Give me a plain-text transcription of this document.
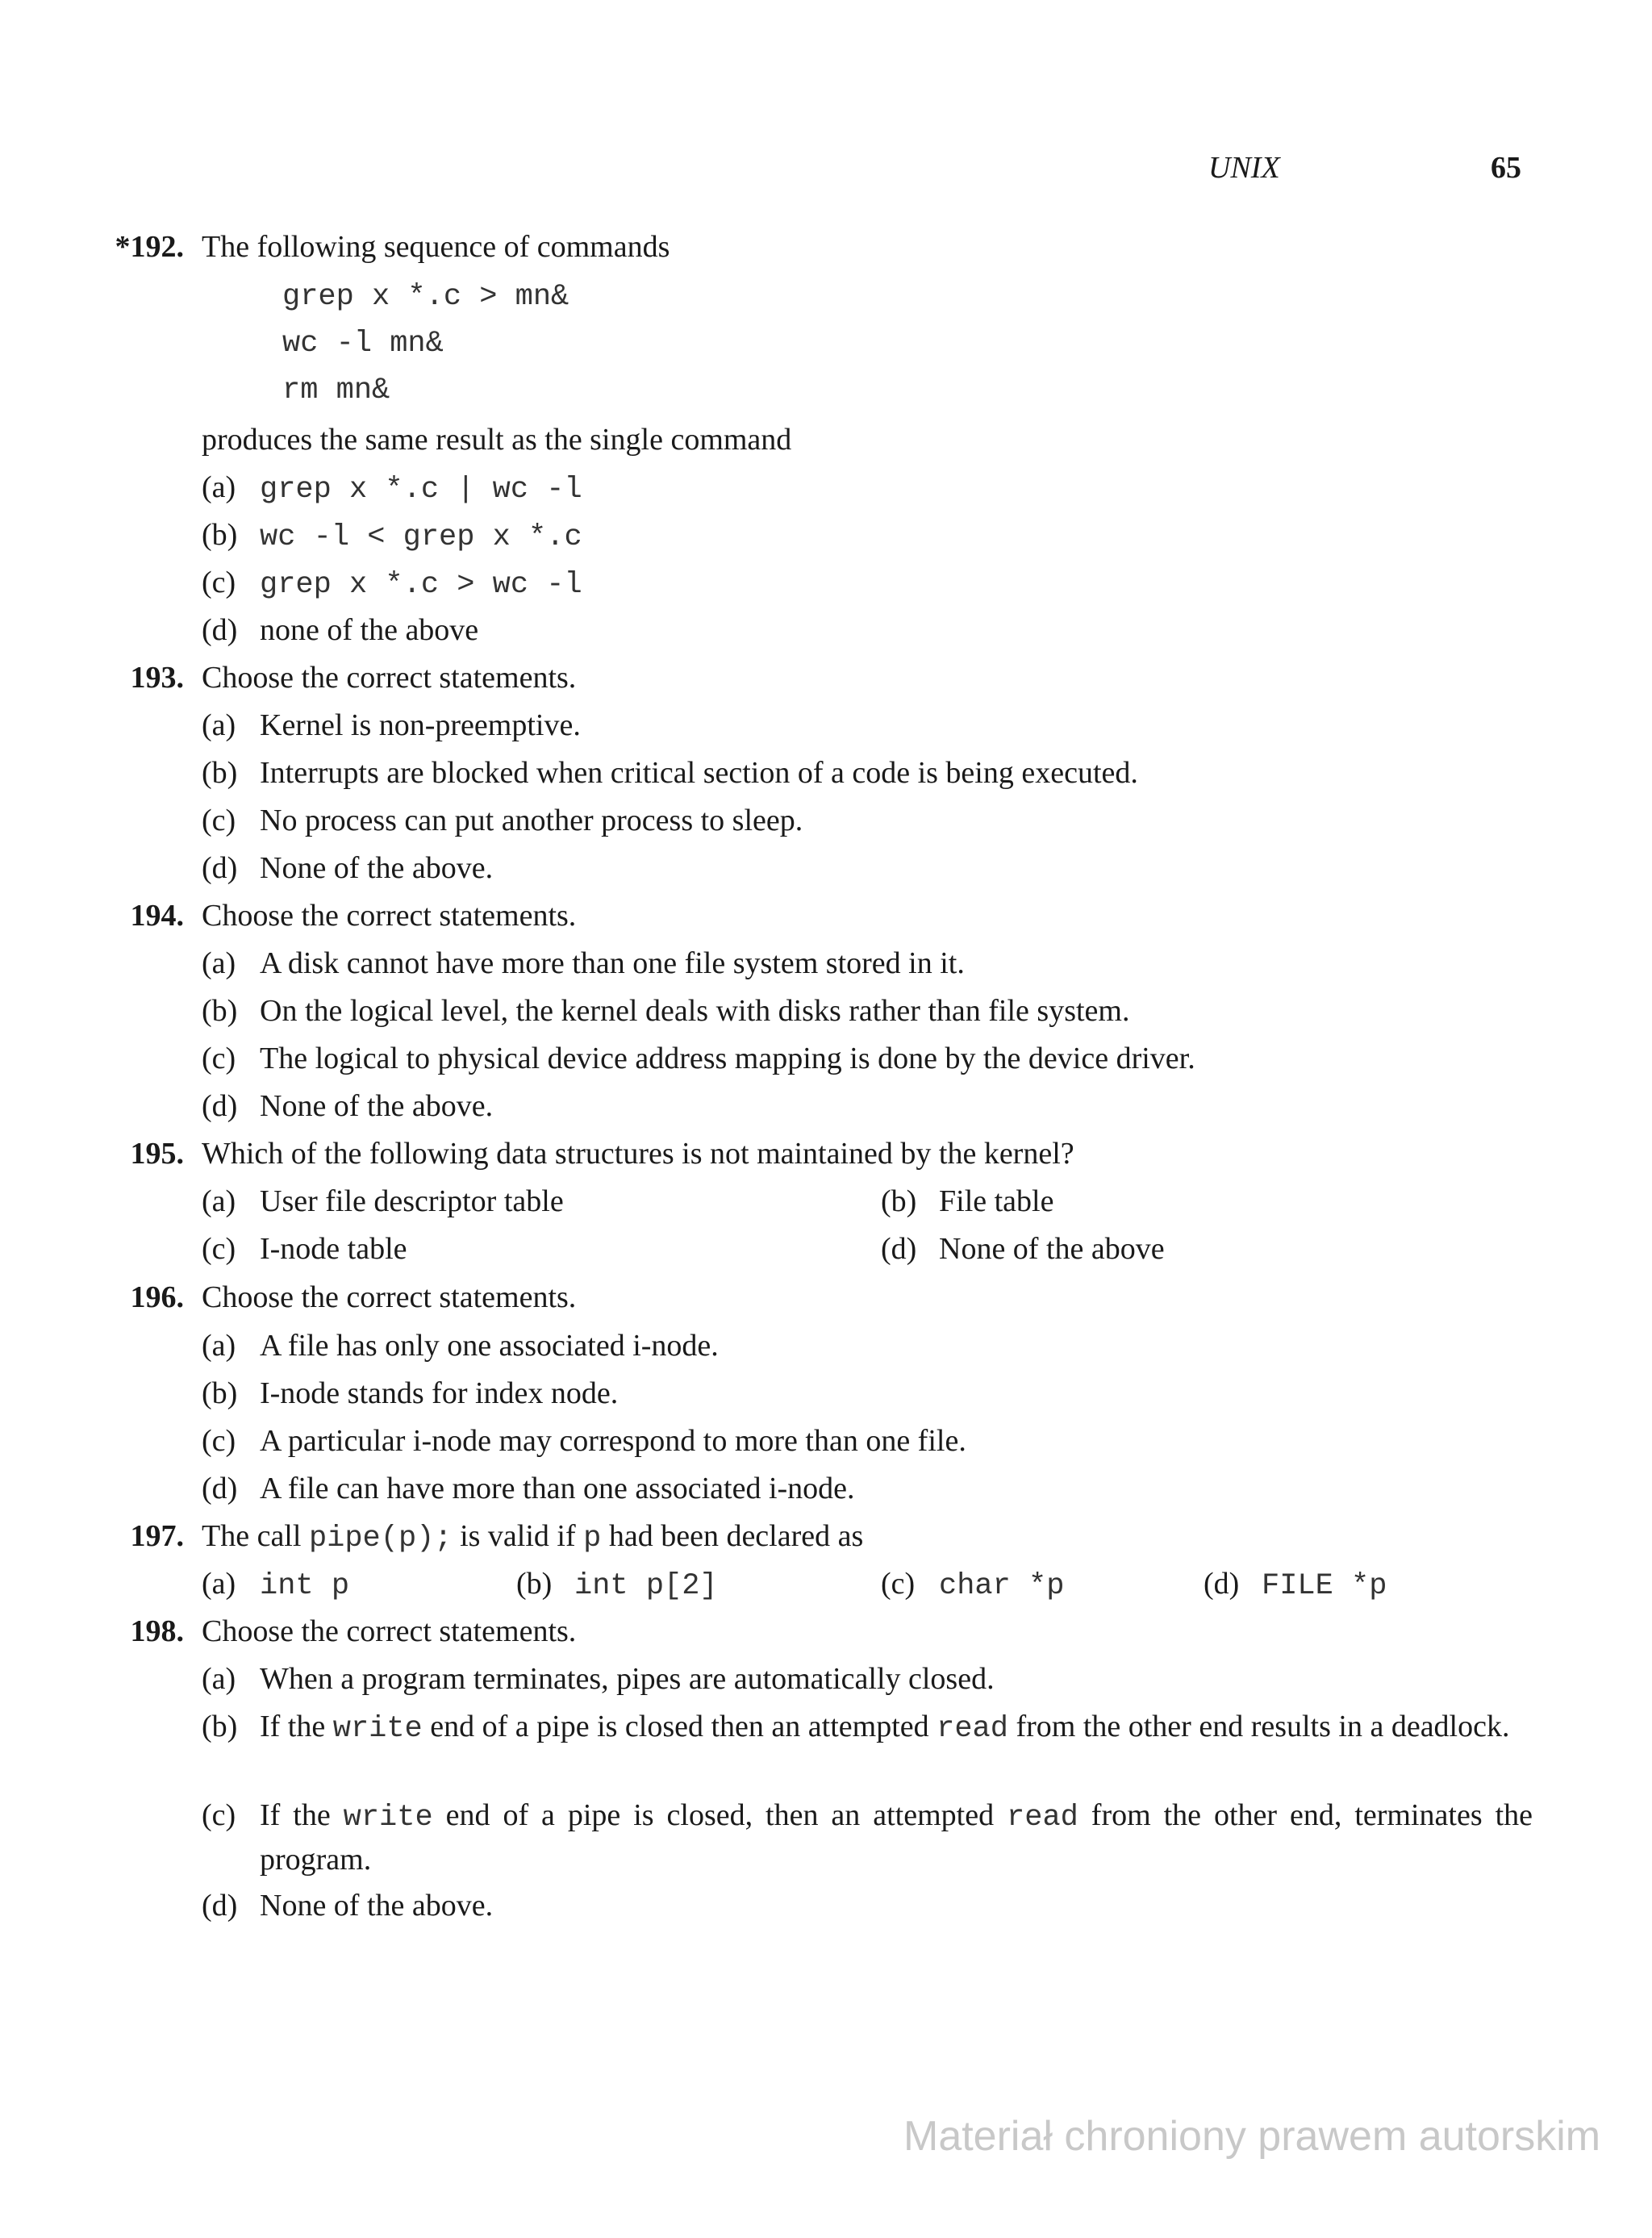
UNIX	65
*192. The following sequence of commands
grep x *.c > mn&
wc -l mn&
rm mn&
produces the same result as the single command
(a) grep x *.c | wc -l
(b) wc -l < grep x *.c
(c) grep x *.c > wc -l
(d) none of the above
193. Choose the correct statements.
(a) Kernel is non-preemptive.
(b) Interrupts are blocked when critical section of a code is being executed.
(c) No process can put another process to sleep.
(d) None of the above.
194. Choose the correct statements.
(a) A disk cannot have more than one file system stored in it.
(b) On the logical level, the kernel deals with disks rather than file system.
(c) The logical to physical device address mapping is done by the device driver.
(d) None of the above.
195. Which of the following data structures is not maintained by the kernel?
(a) User file descriptor table	(b) File table
(c) I-node table	(d) None of the above
196. Choose the correct statements.
(a) A file has only one associated i-node.
(b) I-node stands for index node.
(c) A particular i-node may correspond to more than one file.
(d) A file can have more than one associated i-node.
197. The call pipe(p); is valid if p had been declared as
(a) int p	(b) int p[2]	(c) char *p	(d) FILE *p
198. Choose the correct statements.
(a) When a program terminates, pipes are automatically closed.
(b) If the write end of a pipe is closed then an attempted read from the other end results in a deadlock.
(c) If the write end of a pipe is closed, then an attempted read from the other end, terminates the program.
(d) None of the above.
Materiał chroniony prawem autorskim
